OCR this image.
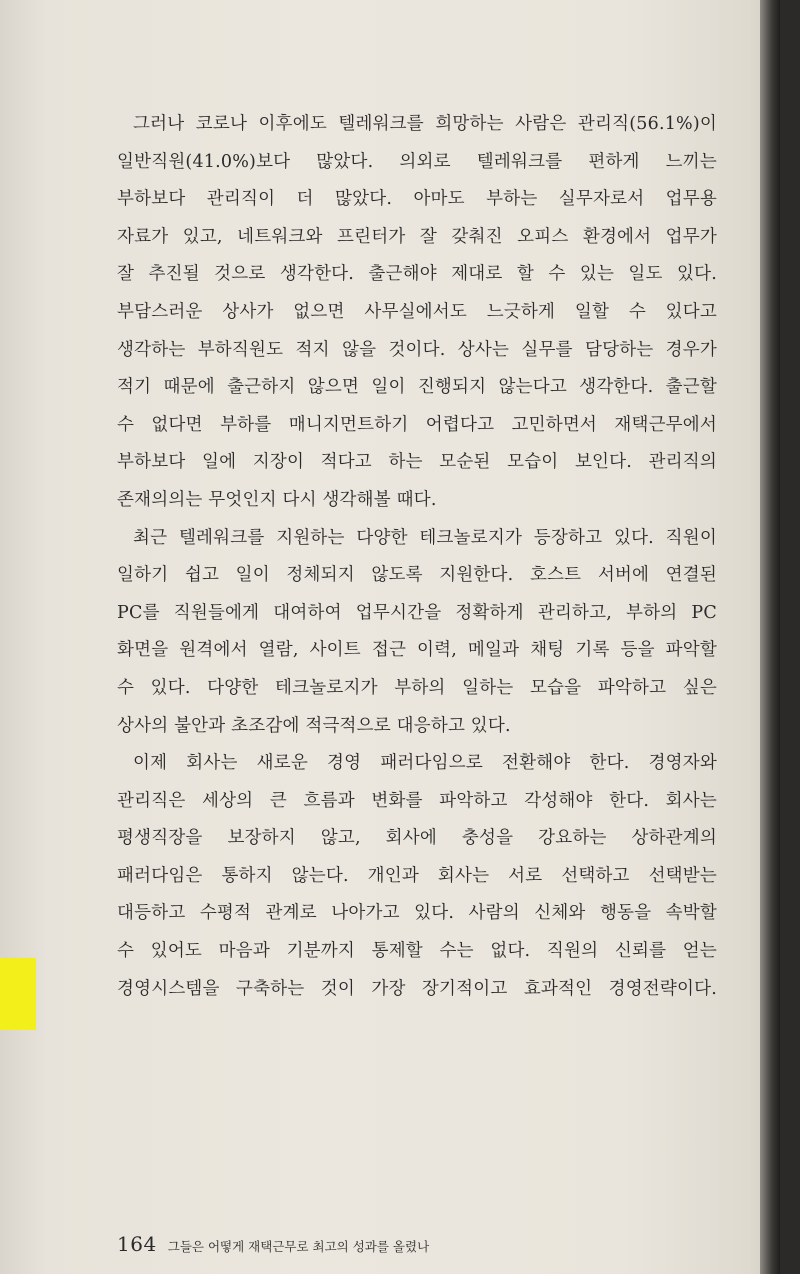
그러나 코로나 이후에도 텔레워크를 희망하는 사람은 관리직(56.1%)이
일반직원(41.0%)보다 많았다. 의외로 텔레워크를 편하게 느끼는
부하보다 관리직이 더 많았다. 아마도 부하는 실무자로서 업무용
자료가 있고, 네트워크와 프린터가 잘 갖춰진 오피스 환경에서 업무가
잘 추진될 것으로 생각한다. 출근해야 제대로 할 수 있는 일도 있다.
부담스러운 상사가 없으면 사무실에서도 느긋하게 일할 수 있다고
생각하는 부하직원도 적지 않을 것이다. 상사는 실무를 담당하는 경우가
적기 때문에 출근하지 않으면 일이 진행되지 않는다고 생각한다. 출근할
수 없다면 부하를 매니지먼트하기 어렵다고 고민하면서 재택근무에서
부하보다 일에 지장이 적다고 하는 모순된 모습이 보인다. 관리직의
존재의의는 무엇인지 다시 생각해볼 때다.

최근 텔레워크를 지원하는 다양한 테크놀로지가 등장하고 있다. 직원이
일하기 쉽고 일이 정체되지 않도록 지원한다. 호스트 서버에 연결된
PC를 직원들에게 대여하여 업무시간을 정확하게 관리하고, 부하의 PC
화면을 원격에서 열람, 사이트 접근 이력, 메일과 채팅 기록 등을 파악할
수 있다. 다양한 테크놀로지가 부하의 일하는 모습을 파악하고 싶은
상사의 불안과 초조감에 적극적으로 대응하고 있다.

이제 회사는 새로운 경영 패러다임으로 전환해야 한다. 경영자와
관리직은 세상의 큰 흐름과 변화를 파악하고 각성해야 한다. 회사는
평생직장을 보장하지 않고, 회사에 충성을 강요하는 상하관계의
패러다임은 통하지 않는다. 개인과 회사는 서로 선택하고 선택받는
대등하고 수평적 관계로 나아가고 있다. 사람의 신체와 행동을 속박할
수 있어도 마음과 기분까지 통제할 수는 없다. 직원의 신뢰를 얻는
경영시스템을 구축하는 것이 가장 장기적이고 효과적인 경영전략이다.

164 그들은 어떻게 재택근무로 최고의 성과를 올렸나
